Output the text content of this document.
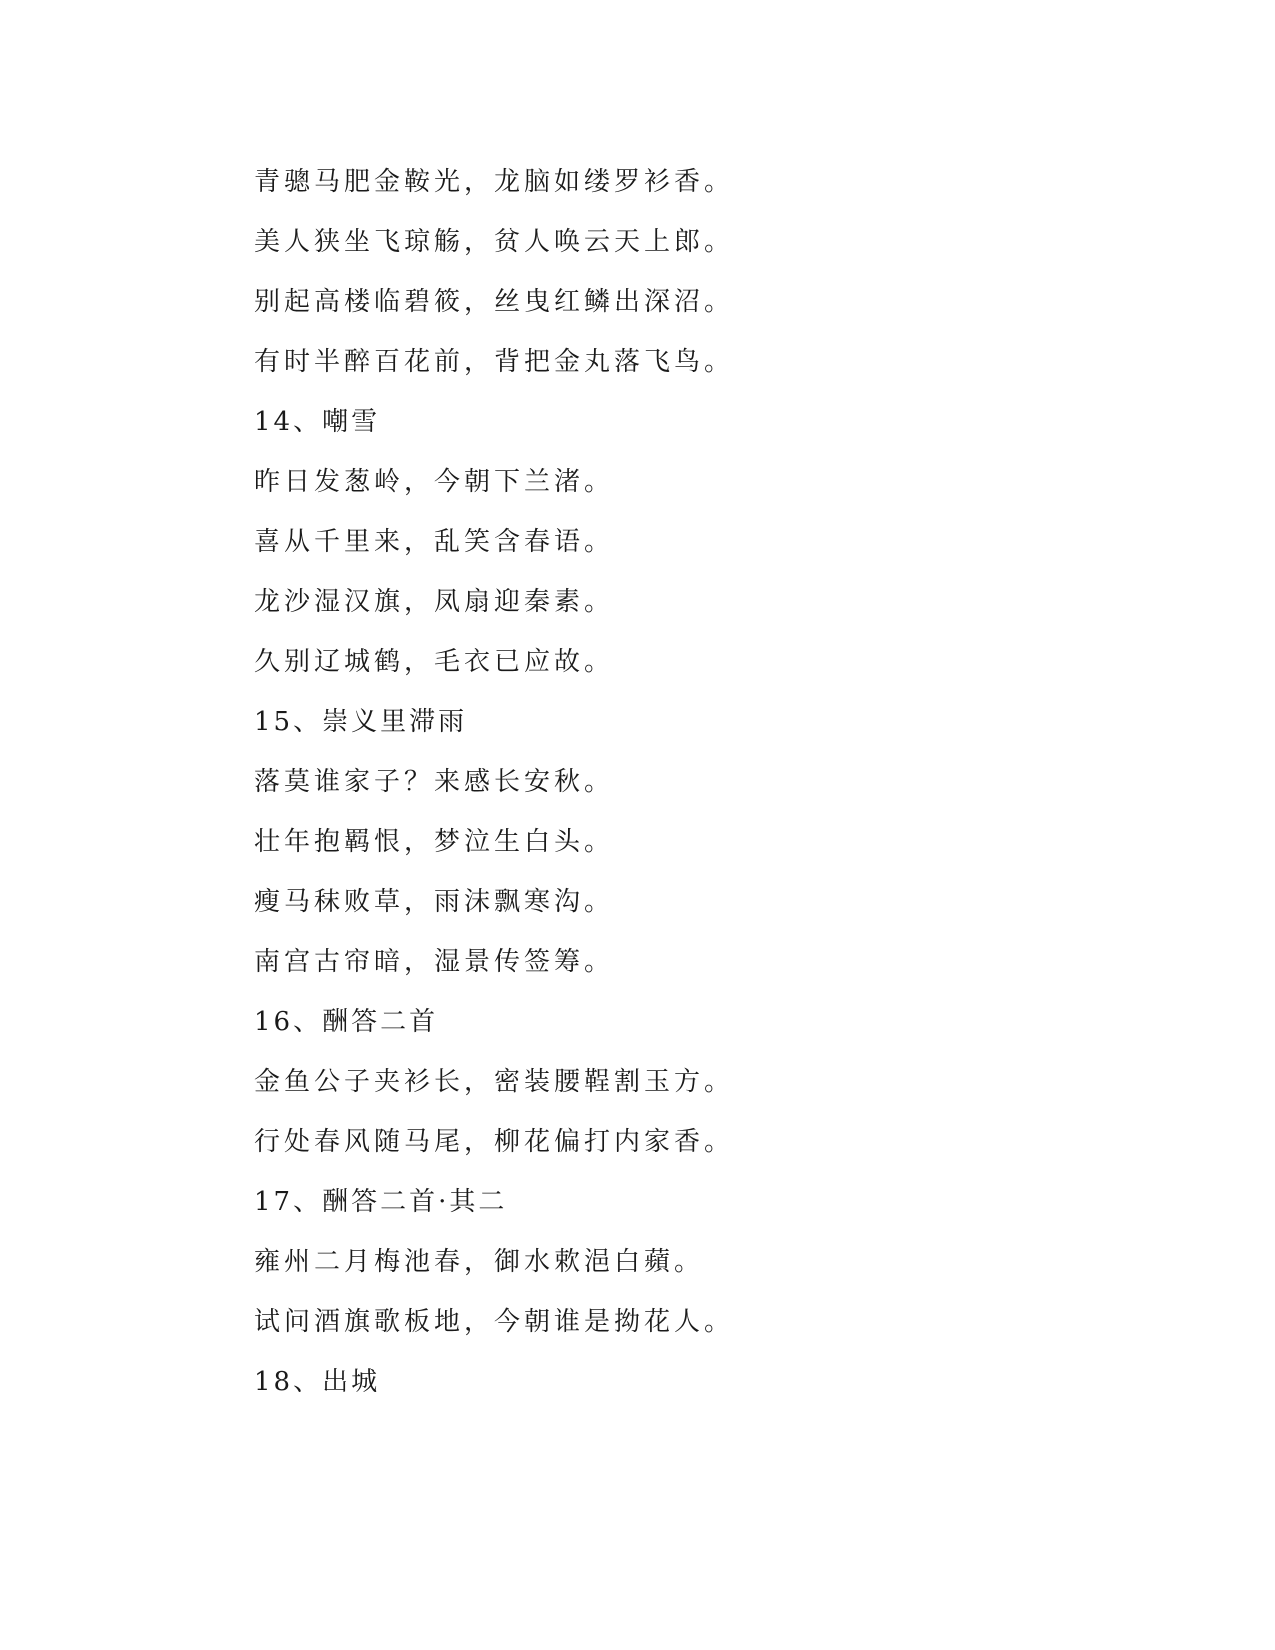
青骢马肥金鞍光，龙脑如缕罗衫香。
美人狭坐飞琼觞，贫人唤云天上郎。
别起高楼临碧筱，丝曳红鳞出深沼。
有时半醉百花前，背把金丸落飞鸟。
14、嘲雪
昨日发葱岭，今朝下兰渚。
喜从千里来，乱笑含春语。
龙沙湿汉旗，凤扇迎秦素。
久别辽城鹤，毛衣已应故。
15、崇义里滞雨
落莫谁家子？来感长安秋。
壮年抱羁恨，梦泣生白头。
瘦马秣败草，雨沫飘寒沟。
南宫古帘暗，湿景传签筹。
16、酬答二首
金鱼公子夹衫长，密装腰鞓割玉方。
行处春风随马尾，柳花偏打内家香。
17、酬答二首·其二
雍州二月梅池春，御水欶浥白蘋。
试问酒旗歌板地，今朝谁是拗花人。
18、出城
